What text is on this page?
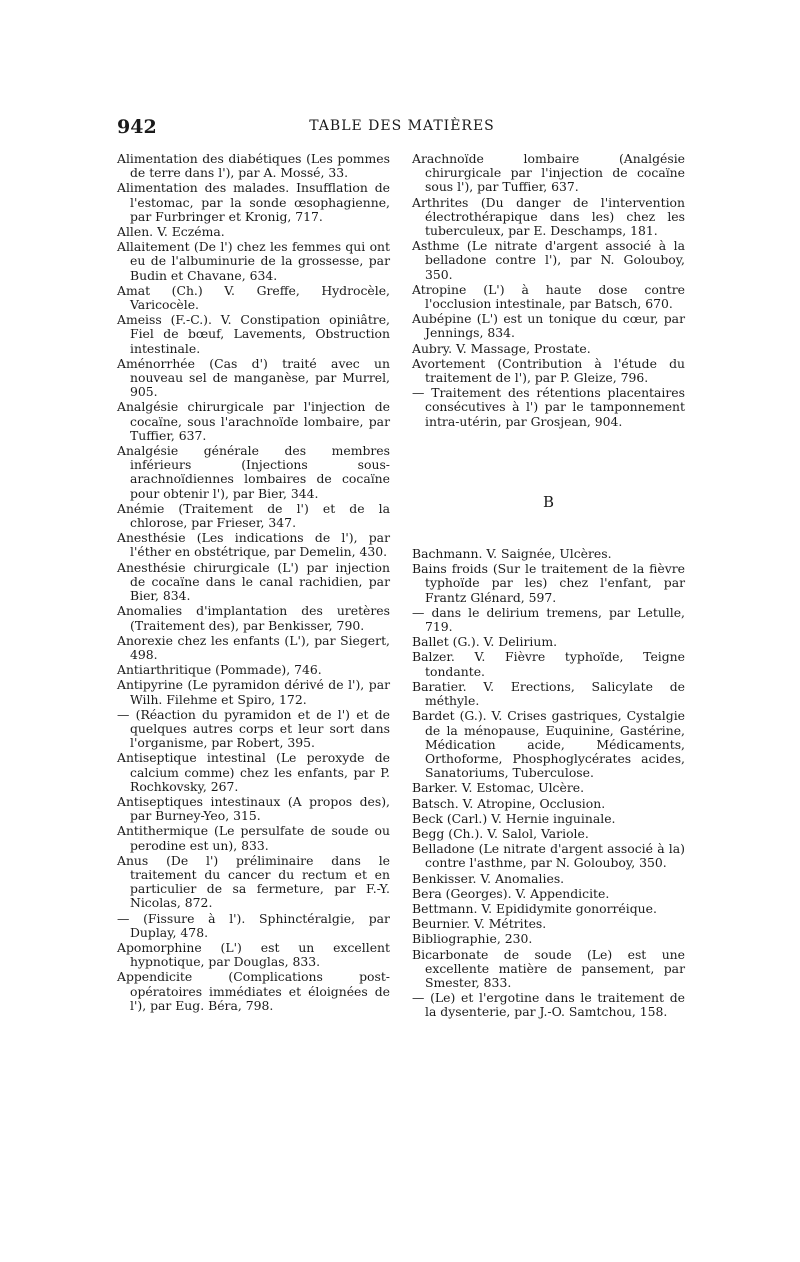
942	TABLE DES MATIÈRES

Alimentation des diabétiques (Les pommes de terre dans l'), par A. Mossé, 33.

Alimentation des malades. Insufflation de l'estomac, par la sonde œsophagienne, par Furbringer et Kronig, 717.

Allen. V. Eczéma.

Allaitement (De l') chez les femmes qui ont eu de l'albuminurie de la grossesse, par Budin et Chavane, 634.

Amat (Ch.) V. Greffe, Hydrocèle, Varicocèle.

Ameiss (F.-C.). V. Constipation opiniâtre, Fiel de bœuf, Lavements, Obstruction intestinale.

Aménorrhée (Cas d') traité avec un nouveau sel de manganèse, par Murrel, 905.

Analgésie chirurgicale par l'injection de cocaïne, sous l'arachnoïde lombaire, par Tuffier, 637.

Analgésie générale des membres inférieurs (Injections sous-arachnoïdiennes lombaires de cocaïne pour obtenir l'), par Bier, 344.

Anémie (Traitement de l') et de la chlorose, par Frieser, 347.

Anesthésie (Les indications de l'), par l'éther en obstétrique, par Demelin, 430.

Anesthésie chirurgicale (L') par injection de cocaïne dans le canal rachidien, par Bier, 834.

Anomalies d'implantation des uretères (Traitement des), par Benkisser, 790.

Anorexie chez les enfants (L'), par Siegert, 498.

Antiarthritique (Pommade), 746.

Antipyrine (Le pyramidon dérivé de l'), par Wilh. Filehme et Spiro, 172.

— (Réaction du pyramidon et de l') et de quelques autres corps et leur sort dans l'organisme, par Robert, 395.

Antiseptique intestinal (Le peroxyde de calcium comme) chez les enfants, par P. Rochkovsky, 267.

Antiseptiques intestinaux (A propos des), par Burney-Yeo, 315.

Antithermique (Le persulfate de soude ou perodine est un), 833.

Anus (De l') préliminaire dans le traitement du cancer du rectum et en particulier de sa fermeture, par F.-Y. Nicolas, 872.

— (Fissure à l'). Sphinctéralgie, par Duplay, 478.

Apomorphine (L') est un excellent hypnotique, par Douglas, 833.

Appendicite (Complications post-opératoires immédiates et éloignées de l'), par Eug. Béra, 798.

Arachnoïde lombaire (Analgésie chirurgicale par l'injection de cocaïne sous l'), par Tuffier, 637.

Arthrites (Du danger de l'intervention électrothérapique dans les) chez les tuberculeux, par E. Deschamps, 181.

Asthme (Le nitrate d'argent associé à la belladone contre l'), par N. Golouboy, 350.

Atropine (L') à haute dose contre l'occlusion intestinale, par Batsch, 670.

Aubépine (L') est un tonique du cœur, par Jennings, 834.

Aubry. V. Massage, Prostate.

Avortement (Contribution à l'étude du traitement de l'), par P. Gleize, 796.

— Traitement des rétentions placentaires consécutives à l') par le tamponnement intra-utérin, par Grosjean, 904.

B

Bachmann. V. Saignée, Ulcères.

Bains froids (Sur le traitement de la fièvre typhoïde par les) chez l'enfant, par Frantz Glénard, 597.

— dans le delirium tremens, par Letulle, 719.

Ballet (G.). V. Delirium.

Balzer. V. Fièvre typhoïde, Teigne tondante.

Baratier. V. Erections, Salicylate de méthyle.

Bardet (G.). V. Crises gastriques, Cystalgie de la ménopause, Euquinine, Gastérine, Médication acide, Médicaments, Orthoforme, Phosphoglycérates acides, Sanatoriums, Tuberculose.

Barker. V. Estomac, Ulcère.

Batsch. V. Atropine, Occlusion.

Beck (Carl.) V. Hernie inguinale.

Begg (Ch.). V. Salol, Variole.

Belladone (Le nitrate d'argent associé à la) contre l'asthme, par N. Golouboy, 350.

Benkisser. V. Anomalies.

Bera (Georges). V. Appendicite.

Bettmann. V. Epididymite gonorréique.

Beurnier. V. Métrites.

Bibliographie, 230.

Bicarbonate de soude (Le) est une excellente matière de pansement, par Smester, 833.

— (Le) et l'ergotine dans le traitement de la dysenterie, par J.-O. Samtchou, 158.
